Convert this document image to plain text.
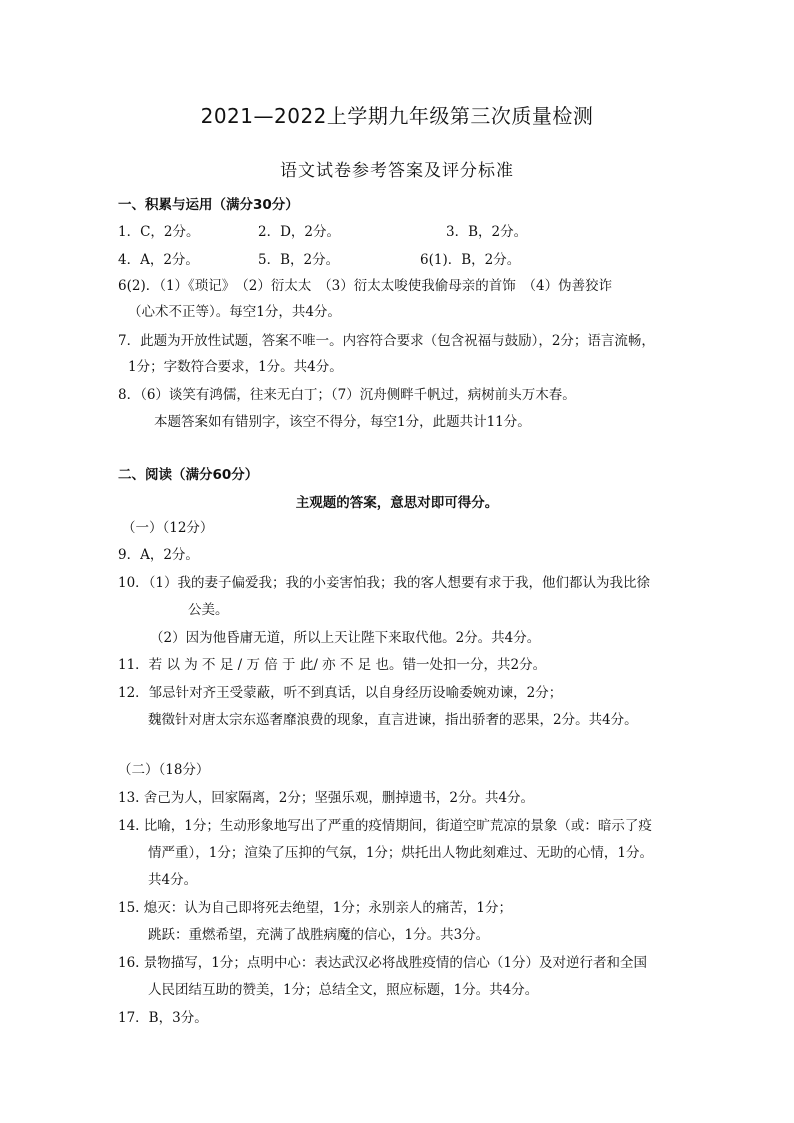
2021—2022上学期九年级第三次质量检测
语文试卷参考答案及评分标准
一、积累与运用（满分30分）
1．C，2分。	2．D，2分。	3．B，2分。
4．A，2分。	5．B，2分。	6(1)．B，2分。
6(2)．（1）《琐记》　（2）衍太太　（3）衍太太唆使我偷母亲的首饰　（4）伪善狡诈
（心术不正等）。每空1分，共4分。
7．此题为开放性试题，答案不唯一。内容符合要求（包含祝福与鼓励），2分；语言流畅，
1分；字数符合要求，1分。共4分。
8．（6）谈笑有鸿儒，往来无白丁；（7）沉舟侧畔千帆过，病树前头万木春。
本题答案如有错别字，该空不得分，每空1分，此题共计11分。
二、阅读（满分60分）
主观题的答案，意思对即可得分。
（一）（12分）
9．A，2分。
10．（1）我的妻子偏爱我；我的小妾害怕我；我的客人想要有求于我，他们都认为我比徐
公美。
（2）因为他昏庸无道，所以上天让陛下来取代他。2分。共4分。
11．若 以 为 不 足 / 万 倍 于 此/ 亦 不 足 也。错一处扣一分，共2分。
12．邹忌针对齐王受蒙蔽，听不到真话，以自身经历设喻委婉劝谏，2分；
魏徵针对唐太宗东巡奢靡浪费的现象，直言进谏，指出骄奢的恶果，2分。共4分。
（二）（18分）
13. 舍己为人，回家隔离，2分；坚强乐观，删掉遗书，2分。共4分。
14. 比喻，1分；生动形象地写出了严重的疫情期间，街道空旷荒凉的景象（或：暗示了疫
情严重），1分；渲染了压抑的气氛，1分；烘托出人物此刻难过、无助的心情，1分。
共4分。
15. 熄灭：认为自己即将死去绝望，1分；永别亲人的痛苦，1分；
跳跃：重燃希望，充满了战胜病魔的信心，1分。共3分。
16. 景物描写，1分；点明中心：表达武汉必将战胜疫情的信心（1分）及对逆行者和全国
人民团结互助的赞美，1分；总结全文，照应标题，1分。共4分。
17．B，3分。
